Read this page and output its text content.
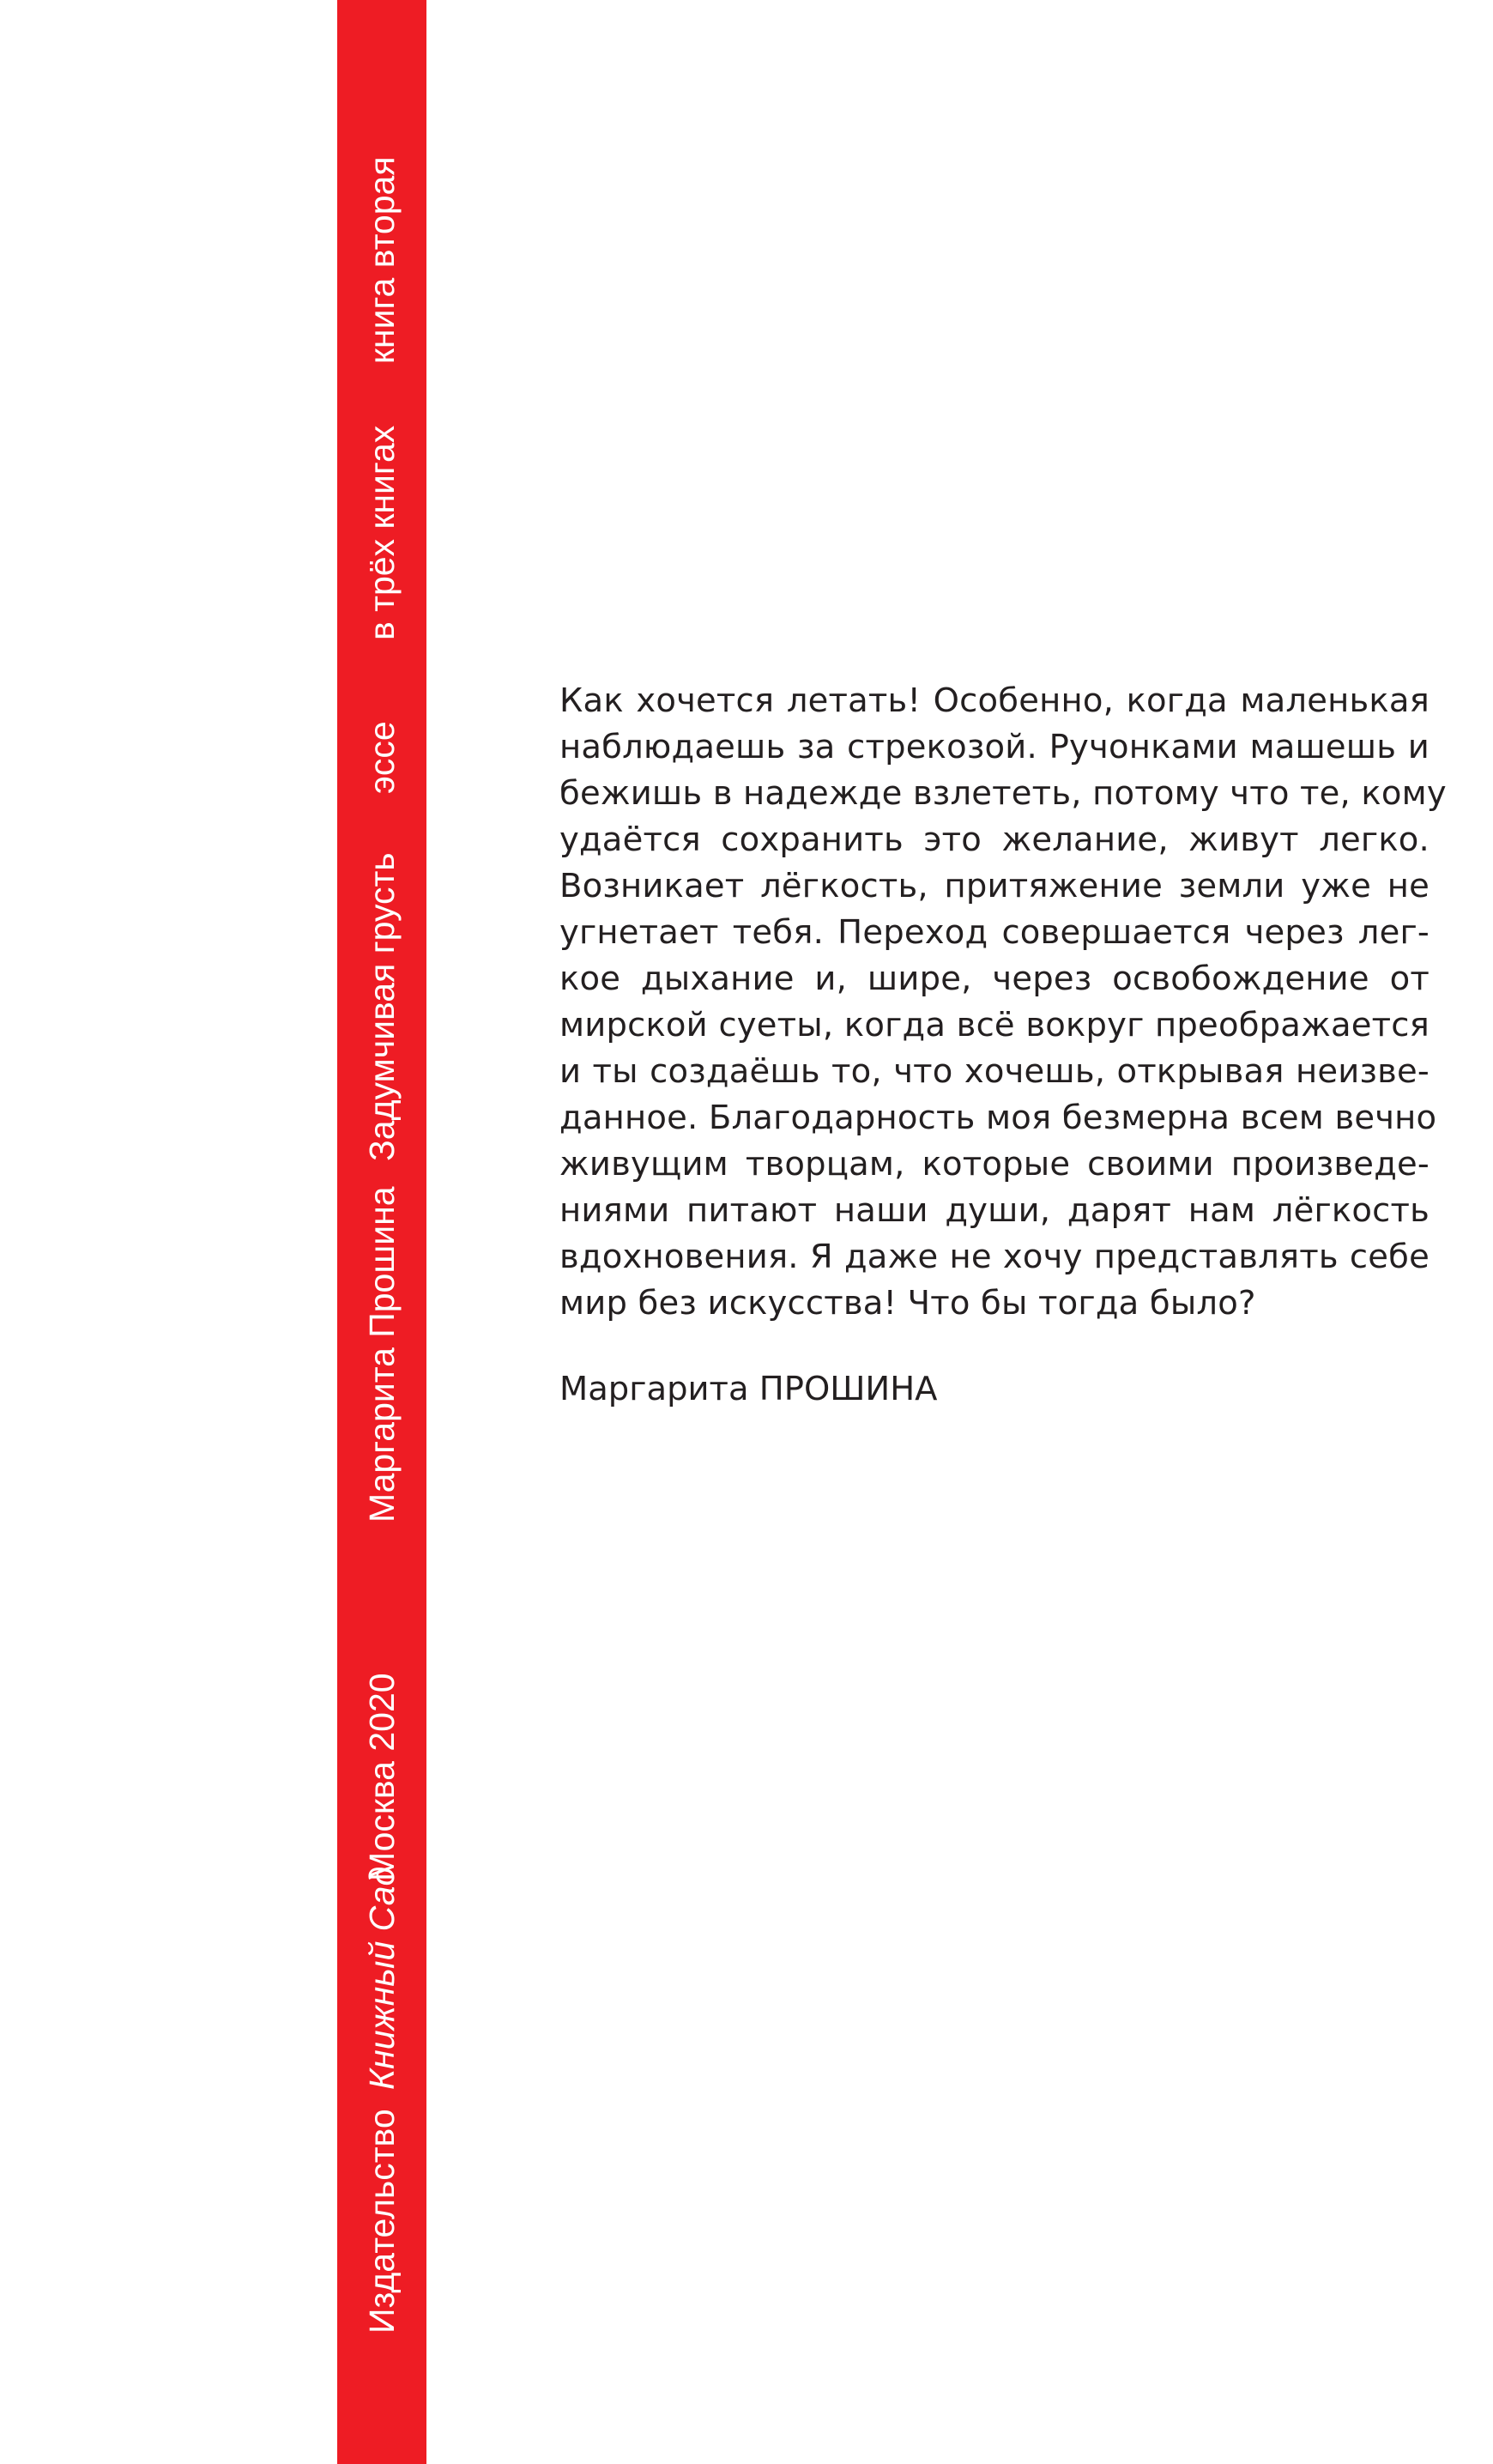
Издательство
Книжный Сад
Москва 2020
Маргарита Прошина
Задумчивая грусть
эссе
в трёх книгах
книга вторая
Как хочется летать! Особенно, когда маленькая
наблюдаешь за стрекозой. Ручонками машешь и
бежишь в надежде взлететь, потому что те, кому
удаётся сохранить это желание, живут легко.
Возникает лёгкость, притяжение земли уже не
угнетает тебя. Переход совершается через лег-
кое дыхание и, шире, через освобождение от
мирской суеты, когда всё вокруг преображается
и ты создаёшь то, что хочешь, открывая неизве-
данное. Благодарность моя безмерна всем вечно
живущим творцам, которые своими произведе-
ниями питают наши души, дарят нам лёгкость
вдохновения. Я даже не хочу представлять себе
мир без искусства! Что бы тогда было?
Маргарита ПРОШИНА
